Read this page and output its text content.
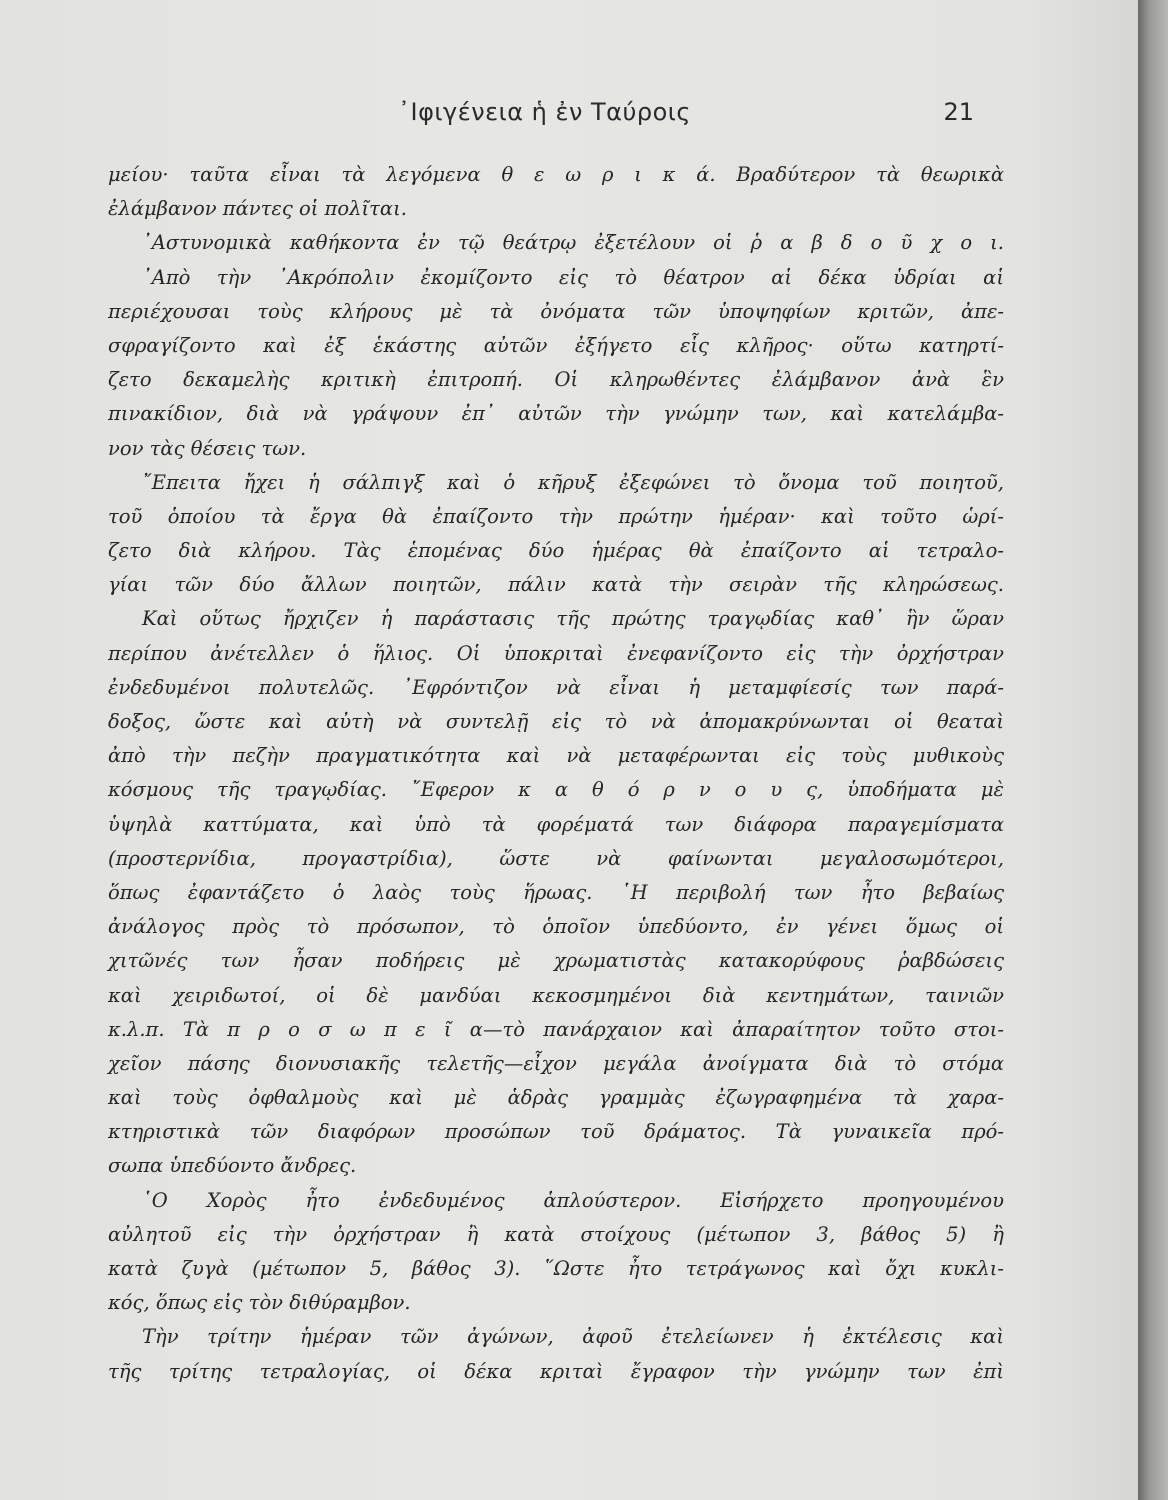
᾽Ιφιγένεια ἡ ἐν Ταύροις	21
μείου· ταῦτα εἶναι τὰ λεγόμενα θ ε ω ρ ι κ ά. Βραδύτερον τὰ θεωρικὰ
ἐλάμβανον πάντες οἱ πολῖται.
᾽Αστυνομικὰ καθήκοντα ἐν τῷ θεάτρῳ ἐξετέλουν οἱ ῥ α β δ ο ῦ χ ο ι.
᾽Απὸ τὴν ᾽Ακρόπολιν ἐκομίζοντο εἰς τὸ θέατρον αἱ δέκα ὑδρίαι αἱ
περιέχουσαι τοὺς κλήρους μὲ τὰ ὀνόματα τῶν ὑποψηφίων κριτῶν, ἀπε-
σφραγίζοντο καὶ ἐξ ἑκάστης αὐτῶν ἐξήγετο εἷς κλῆρος· οὕτω κατηρτί-
ζετο δεκαμελὴς κριτικὴ ἐπιτροπή. Οἱ κληρωθέντες ἐλάμβανον ἀνὰ ἓν
πινακίδιον, διὰ νὰ γράψουν ἐπ᾽ αὐτῶν τὴν γνώμην των, καὶ κατελάμβα-
νον τὰς θέσεις των.
῎Επειτα ἤχει ἡ σάλπιγξ καὶ ὁ κῆρυξ ἐξεφώνει τὸ ὄνομα τοῦ ποιητοῦ,
τοῦ ὁποίου τὰ ἔργα θὰ ἐπαίζοντο τὴν πρώτην ἡμέραν· καὶ τοῦτο ὡρί-
ζετο διὰ κλήρου. Τὰς ἑπομένας δύο ἡμέρας θὰ ἐπαίζοντο αἱ τετραλο-
γίαι τῶν δύο ἄλλων ποιητῶν, πάλιν κατὰ τὴν σειρὰν τῆς κληρώσεως.
Καὶ οὕτως ἤρχιζεν ἡ παράστασις τῆς πρώτης τραγῳδίας καθ᾽ ἣν ὥραν
περίπου ἀνέτελλεν ὁ ἥλιος. Οἱ ὑποκριταὶ ἐνεφανίζοντο εἰς τὴν ὀρχήστραν
ἐνδεδυμένοι πολυτελῶς. ᾽Εφρόντιζον νὰ εἶναι ἡ μεταμφίεσίς των παρά-
δοξος, ὥστε καὶ αὐτὴ νὰ συντελῇ εἰς τὸ νὰ ἀπομακρύνωνται οἱ θεαταὶ
ἀπὸ τὴν πεζὴν πραγματικότητα καὶ νὰ μεταφέρωνται εἰς τοὺς μυθικοὺς
κόσμους τῆς τραγῳδίας. ῎Εφερον κ α θ ό ρ ν ο υ ς, ὑποδήματα μὲ
ὑψηλὰ καττύματα, καὶ ὑπὸ τὰ φορέματά των διάφορα παραγεμίσματα
(προστερνίδια, προγαστρίδια), ὥστε νὰ φαίνωνται μεγαλοσωμότεροι,
ὅπως ἐφαντάζετο ὁ λαὸς τοὺς ἥρωας. ῾Η περιβολή των ἦτο βεβαίως
ἀνάλογος πρὸς τὸ πρόσωπον, τὸ ὁποῖον ὑπεδύοντο, ἐν γένει ὅμως οἱ
χιτῶνές των ἦσαν ποδήρεις μὲ χρωματιστὰς κατακορύφους ῥαβδώσεις
καὶ χειριδωτοί, οἱ δὲ μανδύαι κεκοσμημένοι διὰ κεντημάτων, ταινιῶν
κ.λ.π. Τὰ π ρ ο σ ω π ε ῖ α—τὸ πανάρχαιον καὶ ἀπαραίτητον τοῦτο στοι-
χεῖον πάσης διονυσιακῆς τελετῆς—εἶχον μεγάλα ἀνοίγματα διὰ τὸ στόμα
καὶ τοὺς ὀφθαλμοὺς καὶ μὲ ἁδρὰς γραμμὰς ἐζωγραφημένα τὰ χαρα-
κτηριστικὰ τῶν διαφόρων προσώπων τοῦ δράματος. Τὰ γυναικεῖα πρό-
σωπα ὑπεδύοντο ἄνδρες.
῾Ο Χορὸς ἦτο ἐνδεδυμένος ἁπλούστερον. Εἰσήρχετο προηγουμένου
αὐλητοῦ εἰς τὴν ὀρχήστραν ἢ κατὰ στοίχους (μέτωπον 3, βάθος 5) ἢ
κατὰ ζυγὰ (μέτωπον 5, βάθος 3). ῞Ωστε ἦτο τετράγωνος καὶ ὄχι κυκλι-
κός, ὅπως εἰς τὸν διθύραμβον.
Τὴν τρίτην ἡμέραν τῶν ἀγώνων, ἀφοῦ ἐτελείωνεν ἡ ἐκτέλεσις καὶ
τῆς τρίτης τετραλογίας, οἱ δέκα κριταὶ ἔγραφον τὴν γνώμην των ἐπὶ
